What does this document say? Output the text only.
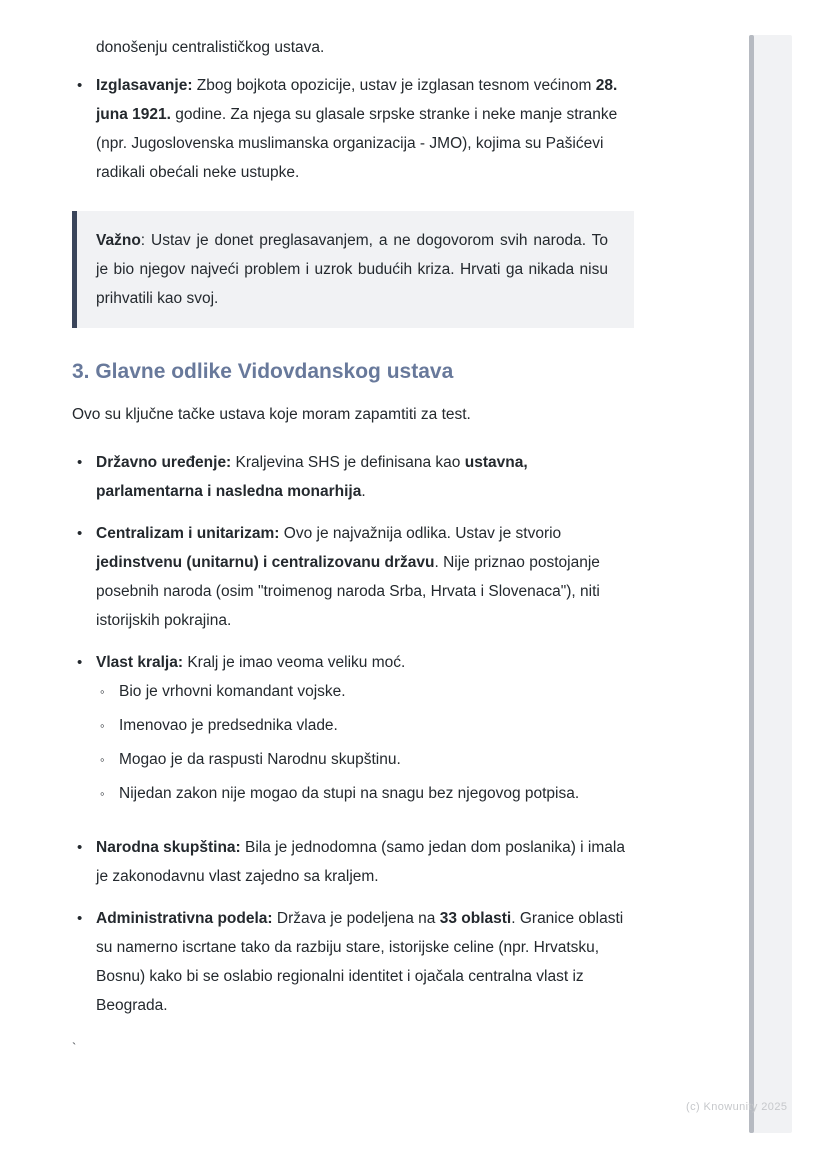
donošenju centralističkog ustava.

• Izglasavanje: Zbog bojkota opozicije, ustav je izglasan tesnom većinom 28. juna 1921. godine. Za njega su glasale srpske stranke i neke manje stranke (npr. Jugoslovenska muslimanska organizacija - JMO), kojima su Pašićevi radikali obećali neke ustupke.

Važno: Ustav je donet preglasavanjem, a ne dogovorom svih naroda. To je bio njegov najveći problem i uzrok budućih kriza. Hrvati ga nikada nisu prihvatili kao svoj.

3. Glavne odlike Vidovdanskog ustava

Ovo su ključne tačke ustava koje moram zapamtiti za test.

• Državno uređenje: Kraljevina SHS je definisana kao ustavna, parlamentarna i nasledna monarhija.
• Centralizam i unitarizam: Ovo je najvažnija odlika. Ustav je stvorio jedinstvenu (unitarnu) i centralizovanu državu. Nije priznao postojanje posebnih naroda (osim "troimenog naroda Srba, Hrvata i Slovenaca"), niti istorijskih pokrajina.
• Vlast kralja: Kralj je imao veoma veliku moć.
◦ Bio je vrhovni komandant vojske.
◦ Imenovao je predsednika vlade.
◦ Mogao je da raspusti Narodnu skupštinu.
◦ Nijedan zakon nije mogao da stupi na snagu bez njegovog potpisa.
• Narodna skupština: Bila je jednodomna (samo jedan dom poslanika) i imala je zakonodavnu vlast zajedno sa kraljem.
• Administrativna podela: Država je podeljena na 33 oblasti. Granice oblasti su namerno iscrtane tako da razbiju stare, istorijske celine (npr. Hrvatsku, Bosnu) kako bi se oslabio regionalni identitet i ojačala centralna vlast iz Beograda.
`
(c) Knowunity 2025
